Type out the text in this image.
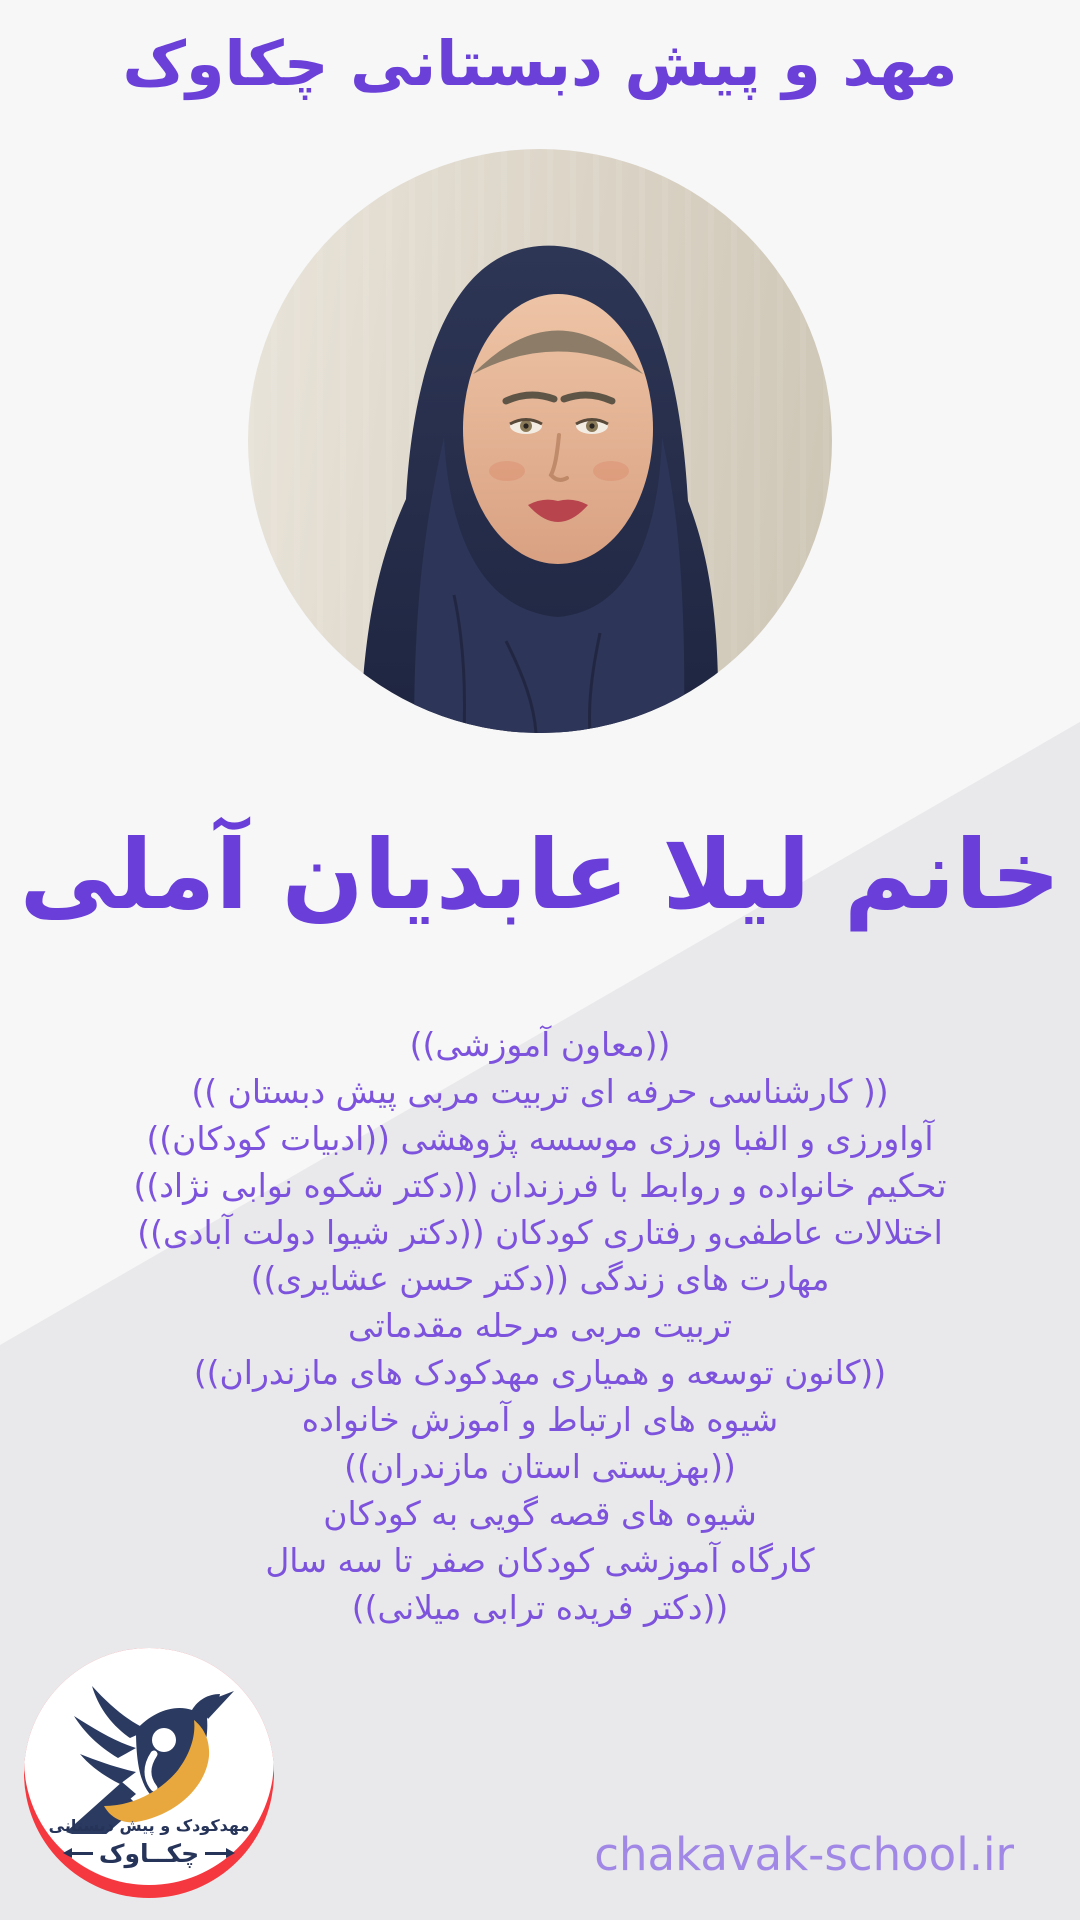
مهد و پیش دبستانی چکاوک
خانم لیلا عابدیان آملی
((معاون آموزشی))
(( کارشناسی حرفه ای تربیت مربی پیش دبستان ))
آواورزی و الفبا ورزی موسسه پژوهشی ((ادبیات کودکان))
تحکیم خانواده و روابط با فرزندان ((دکتر شکوه نوابی نژاد))
اختلالات عاطفی‌و رفتاری کودکان ((دکتر شیوا دولت آبادی))
مهارت های زندگی ((دکتر حسن عشایری))
تربیت مربی مرحله مقدماتی
((کانون توسعه و همیاری مهدکودک های مازندران))
شیوه های ارتباط و آموزش خانواده
((بهزیستی استان مازندران))
شیوه های قصه گویی به کودکان
کارگاه آموزشی کودکان صفر تا سه سال
((دکتر فریده ترابی میلانی))
مهدکودک و پیش دبستانی
چکــاوک	chakavak-school.ir
